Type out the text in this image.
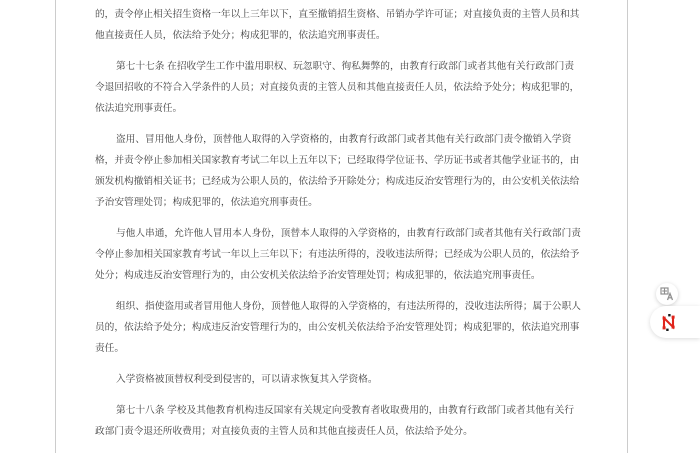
的，责令停止相关招生资格一年以上三年以下，直至撤销招生资格、吊销办学许可证；对直接负责的主管人员和其
他直接责任人员，依法给予处分；构成犯罪的，依法追究刑事责任。
第七十七条 在招收学生工作中滥用职权、玩忽职守、徇私舞弊的，由教育行政部门或者其他有关行政部门责
令退回招收的不符合入学条件的人员；对直接负责的主管人员和其他直接责任人员，依法给予处分；构成犯罪的，
依法追究刑事责任。
盗用、冒用他人身份，顶替他人取得的入学资格的，由教育行政部门或者其他有关行政部门责令撤销入学资
格，并责令停止参加相关国家教育考试二年以上五年以下；已经取得学位证书、学历证书或者其他学业证书的，由
颁发机构撤销相关证书；已经成为公职人员的，依法给予开除处分；构成违反治安管理行为的，由公安机关依法给
予治安管理处罚；构成犯罪的，依法追究刑事责任。
与他人串通，允许他人冒用本人身份，顶替本人取得的入学资格的，由教育行政部门或者其他有关行政部门责
令停止参加相关国家教育考试一年以上三年以下；有违法所得的，没收违法所得；已经成为公职人员的，依法给予
处分；构成违反治安管理行为的，由公安机关依法给予治安管理处罚；构成犯罪的，依法追究刑事责任。
组织、指使盗用或者冒用他人身份，顶替他人取得的入学资格的，有违法所得的，没收违法所得；属于公职人
员的，依法给予处分；构成违反治安管理行为的，由公安机关依法给予治安管理处罚；构成犯罪的，依法追究刑事
责任。
入学资格被顶替权利受到侵害的，可以请求恢复其入学资格。
第七十八条 学校及其他教育机构违反国家有关规定向受教育者收取费用的，由教育行政部门或者其他有关行
政部门责令退还所收费用；对直接负责的主管人员和其他直接责任人员，依法给予处分。
